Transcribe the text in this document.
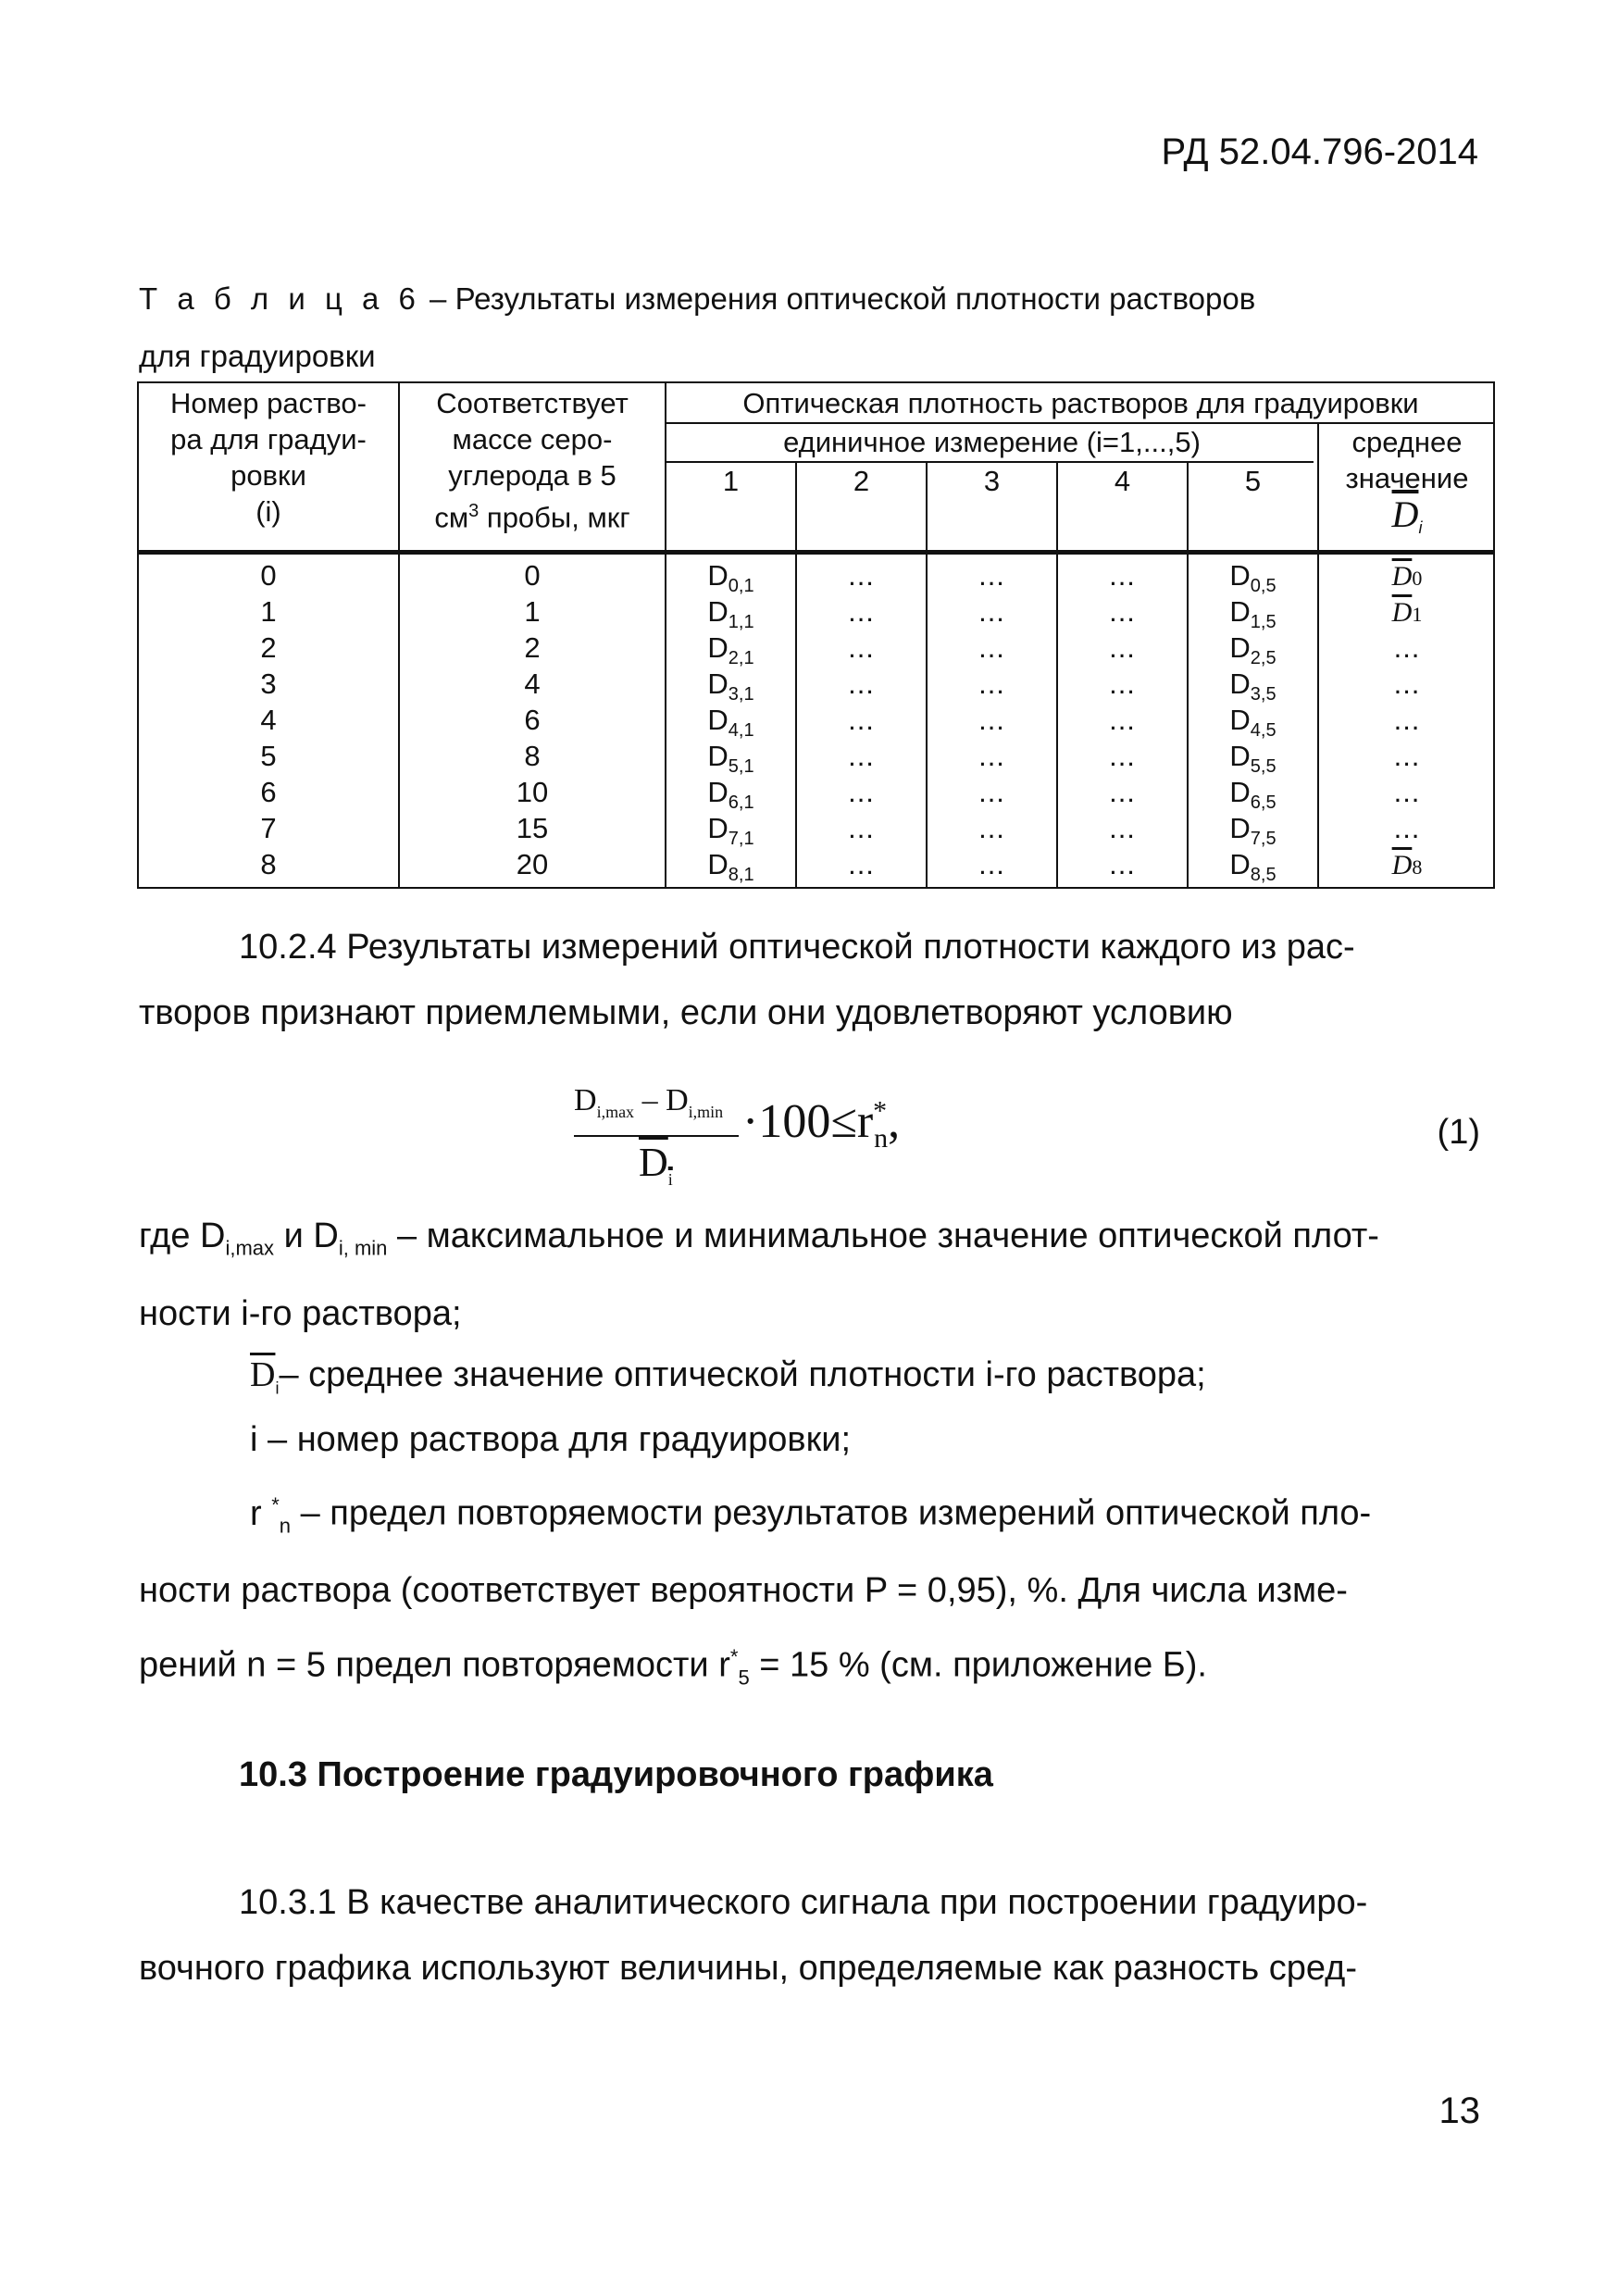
РД 52.04.796-2014
Т а б л и ц а 6 – Результаты измерения оптической плотности растворов
для градуировки
Номер раство-
ра для градуи-
ровки
(i)
Соответствует
массе серо-
углерода в 5
$см^3$ пробы, мкг
Оптическая плотность растворов для градуировки
единичное измерение (i=1,...,5)	среднее
значение
$\overline{D}_i$
1	2	3	4	5
0	0	$D_{0,1}$	...	...	...	$D_{0,5}$	$\overline{D}0$
1	1	$D_{1,1}$	...	...	...	$D_{1,5}$	$\overline{D}1$
2	2	$D_{2,1}$	...	...	...	$D_{2,5}$	...
3	4	$D_{3,1}$	...	...	...	$D_{3,5}$	...
4	6	$D_{4,1}$	...	...	...	$D_{4,5}$	...
5	8	$D_{5,1}$	...	...	...	$D_{5,5}$	...
6	10	$D_{6,1}$	...	...	...	$D_{6,5}$	...
7	15	$D_{7,1}$	...	...	...	$D_{7,5}$	...
8	20	$D_{8,1}$	...	...	...	$D_{8,5}$	$\overline{D}8$
10.2.4 Результаты измерений оптической плотности каждого из рас-
творов признают приемлемыми, если они удовлетворяют условию
$D_{i,max} - D_{i,min}$
$D_i$
$\cdot 100\le r^*_n$,	(1)
где $D_{i,max}$ и $D_{i, min}$ – максимальное и минимальное значение оптической плот-
ности i-го раствора;
$\overline{D}_i-$ среднее значение оптической плотности i-го раствора;
i – номер раствора для градуировки;
r *$_n$ – предел повторяемости результатов измерений оптической пло-
ности раствора (соответствует вероятности P = 0,95), %. Для числа изме-
рений n = 5 предел повторяемости $r^*_5 = 15$ % (см. приложение Б).
10.3 Построение градуировочного графика
10.3.1 В качестве аналитического сигнала при построении градуиро-
вочного графика используют величины, определяемые как разность сред-
13
